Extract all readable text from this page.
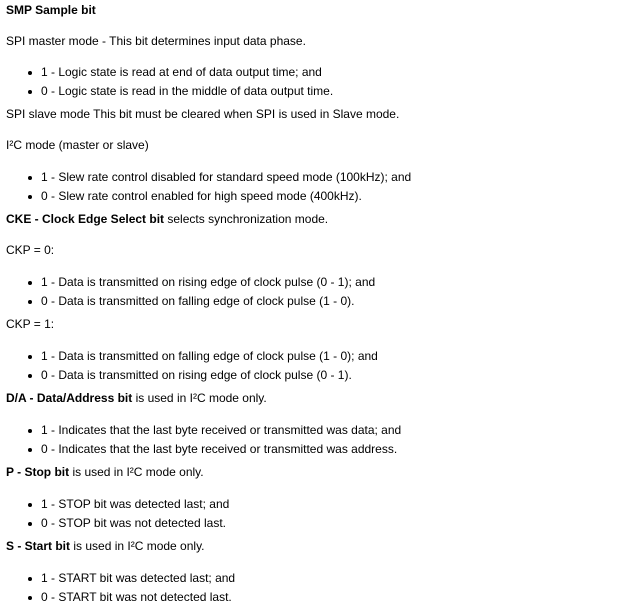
SMP Sample bit
SPI master mode - This bit determines input data phase.
1 - Logic state is read at end of data output time; and
0 - Logic state is read in the middle of data output time.
SPI slave mode This bit must be cleared when SPI is used in Slave mode.
I²C mode (master or slave)
1 - Slew rate control disabled for standard speed mode (100kHz); and
0 - Slew rate control enabled for high speed mode (400kHz).
CKE - Clock Edge Select bit selects synchronization mode.
CKP = 0:
1 - Data is transmitted on rising edge of clock pulse (0 - 1); and
0 - Data is transmitted on falling edge of clock pulse (1 - 0).
CKP = 1:
1 - Data is transmitted on falling edge of clock pulse (1 - 0); and
0 - Data is transmitted on rising edge of clock pulse (0 - 1).
D/A - Data/Address bit is used in I²C mode only.
1 - Indicates that the last byte received or transmitted was data; and
0 - Indicates that the last byte received or transmitted was address.
P - Stop bit is used in I²C mode only.
1 - STOP bit was detected last; and
0 - STOP bit was not detected last.
S - Start bit is used in I²C mode only.
1 - START bit was detected last; and
0 - START bit was not detected last.
